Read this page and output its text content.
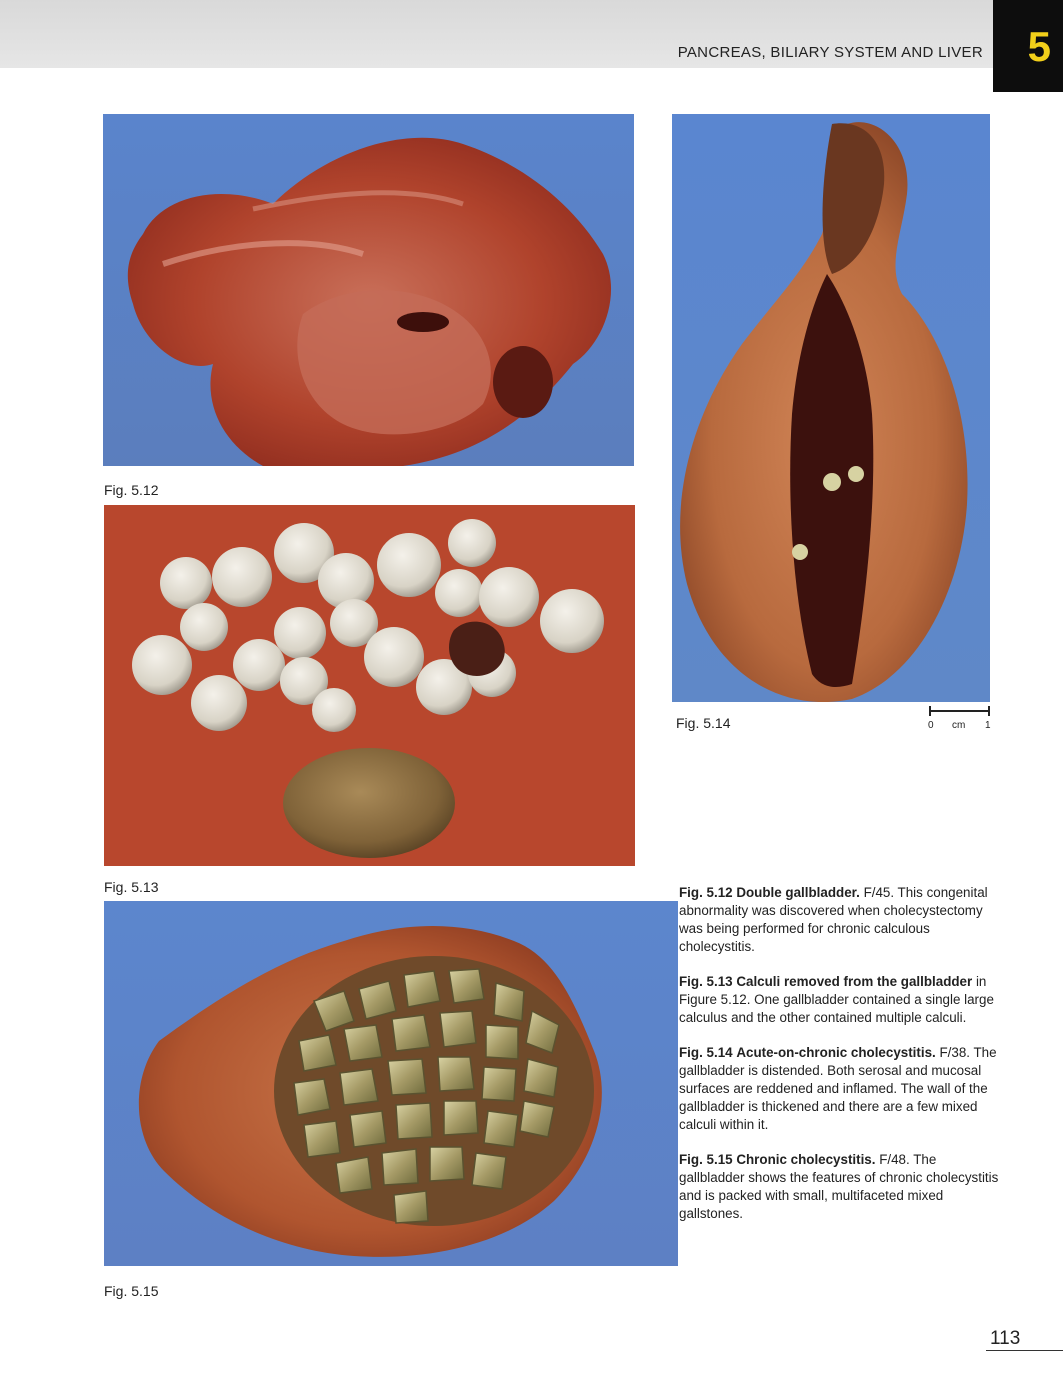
PANCREAS, BILIARY SYSTEM AND LIVER 5
Fig. 5.12
Fig. 5.13
Fig. 5.14	0 cm 1
Fig. 5.15

Fig. 5.12 Double gallbladder. F/45. This congenital abnormality was discovered when cholecystectomy was being performed for chronic calculous cholecystitis.

Fig. 5.13 Calculi removed from the gallbladder in Figure 5.12. One gallbladder contained a single large calculus and the other contained multiple calculi.

Fig. 5.14 Acute-on-chronic cholecystitis. F/38. The gallbladder is distended. Both serosal and mucosal surfaces are reddened and inflamed. The wall of the gallbladder is thickened and there are a few mixed calculi within it.

Fig. 5.15 Chronic cholecystitis. F/48. The gallbladder shows the features of chronic cholecystitis and is packed with small, multifaceted mixed gallstones.

113
